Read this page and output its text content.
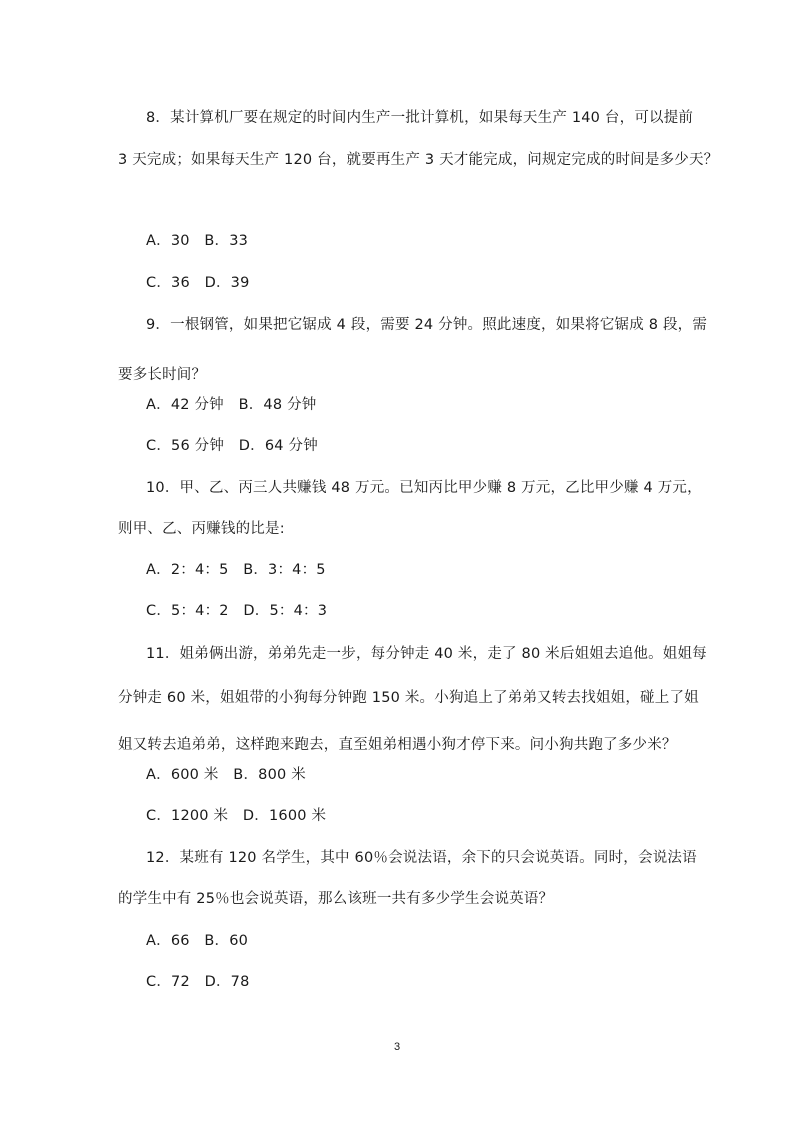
8．某计算机厂要在规定的时间内生产一批计算机，如果每天生产 140 台，可以提前
3 天完成；如果每天生产 120 台，就要再生产 3 天才能完成，问规定完成的时间是多少天？
A．30　B．33
C．36　D．39
9．一根钢管，如果把它锯成 4 段，需要 24 分钟。照此速度，如果将它锯成 8 段，需
要多长时间？
A．42 分钟　B．48 分钟
C．56 分钟　D．64 分钟
10．甲、乙、丙三人共赚钱 48 万元。已知丙比甲少赚 8 万元，乙比甲少赚 4 万元，
则甲、乙、丙赚钱的比是:
A．2：4：5　B．3：4：5
C．5：4：2　D．5：4：3
11．姐弟俩出游，弟弟先走一步，每分钟走 40 米，走了 80 米后姐姐去追他。姐姐每
分钟走 60 米，姐姐带的小狗每分钟跑 150 米。小狗追上了弟弟又转去找姐姐，碰上了姐
姐又转去追弟弟，这样跑来跑去，直至姐弟相遇小狗才停下来。问小狗共跑了多少米？
A．600 米　B．800 米
C．1200 米　D．1600 米
12．某班有 120 名学生，其中 60％会说法语，余下的只会说英语。同时，会说法语
的学生中有 25％也会说英语，那么该班一共有多少学生会说英语？
A．66　B．60
C．72　D．78
3
